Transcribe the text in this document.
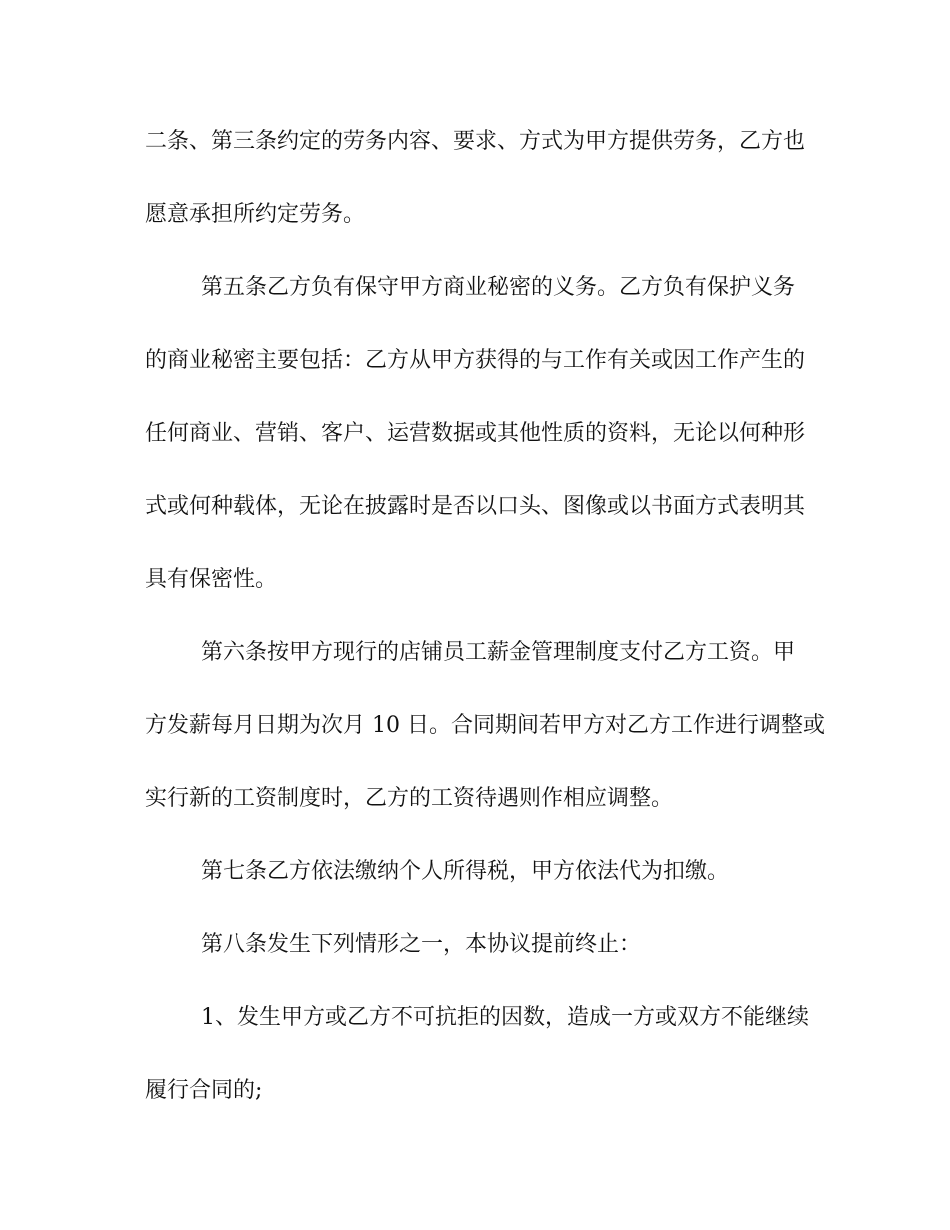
二条、第三条约定的劳务内容、要求、方式为甲方提供劳务，乙方也
愿意承担所约定劳务。
第五条乙方负有保守甲方商业秘密的义务。乙方负有保护义务
的商业秘密主要包括：乙方从甲方获得的与工作有关或因工作产生的
任何商业、营销、客户、运营数据或其他性质的资料，无论以何种形
式或何种载体，无论在披露时是否以口头、图像或以书面方式表明其
具有保密性。
第六条按甲方现行的店铺员工薪金管理制度支付乙方工资。甲
方发薪每月日期为次月 10 日。合同期间若甲方对乙方工作进行调整或
实行新的工资制度时，乙方的工资待遇则作相应调整。
第七条乙方依法缴纳个人所得税，甲方依法代为扣缴。
第八条发生下列情形之一，本协议提前终止：
1、发生甲方或乙方不可抗拒的因数，造成一方或双方不能继续
履行合同的;
